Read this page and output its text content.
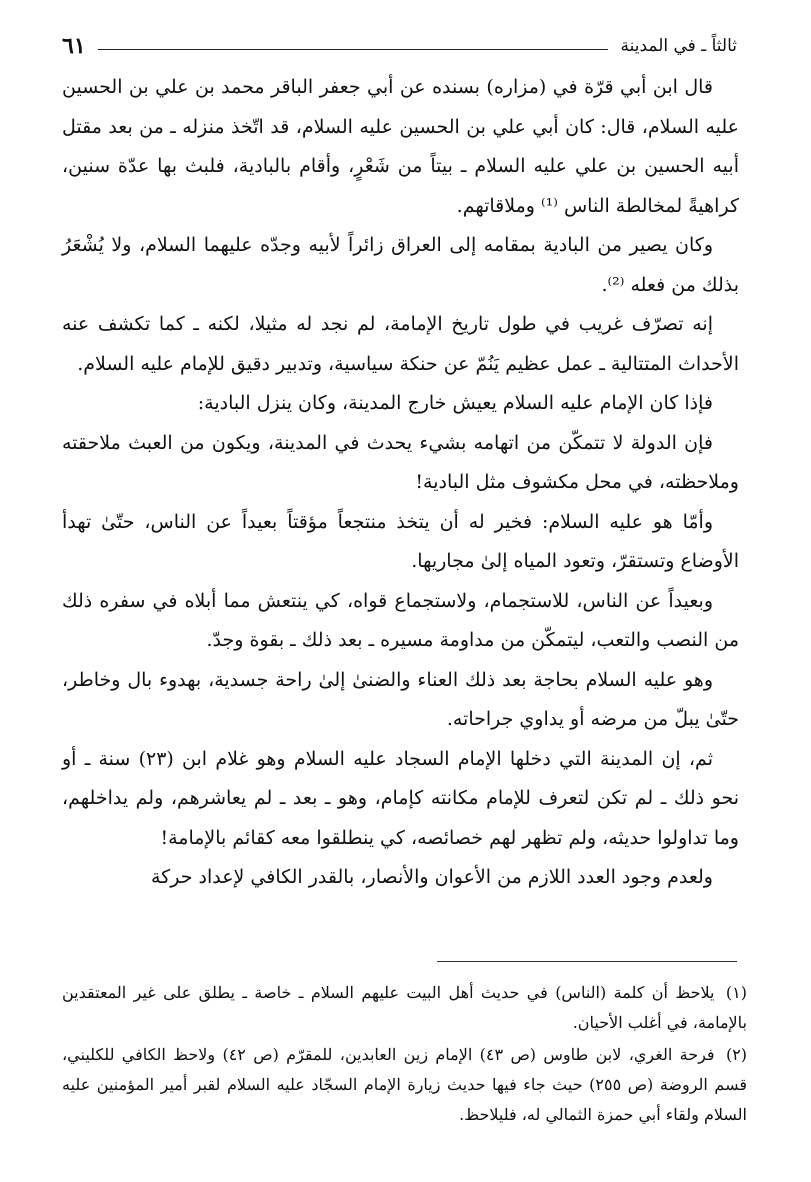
ثالثاً ـ في المدينة
٦١

قال ابن أبي قرّة في (مزاره) بسنده عن أبي جعفر الباقر محمد بن علي بن الحسين عليه السلام، قال: كان أبي علي بن الحسين عليه السلام، قد اتّخذ منزله ـ من بعد مقتل أبيه الحسين بن علي عليه السلام ـ بيتاً من شَعْرٍ، وأقام بالبادية، فلبث بها عدّة سنين، كراهيةً لمخالطة الناس ⁽¹⁾ وملاقاتهم.

وكان يصير من البادية بمقامه إلى العراق زائراً لأبيه وجدّه عليهما السلام، ولا يُشْعَرُ بذلك من فعله ⁽²⁾.

إنه تصرّف غريب في طول تاريخ الإمامة، لم نجد له مثيلا، لكنه ـ كما تكشف عنه الأحداث المتتالية ـ عمل عظيم يَنُمّ عن حنكة سياسية، وتدبير دقيق للإمام عليه السلام.

فإذا كان الإمام عليه السلام يعيش خارج المدينة، وكان ينزل البادية:

فإن الدولة لا تتمكّن من اتهامه بشيء يحدث في المدينة، ويكون من العبث ملاحقته وملاحظته، في محل مكشوف مثل البادية!

وأمّا هو عليه السلام: فخير له أن يتخذ منتجعاً مؤقتاً بعيداً عن الناس، حتّىٰ تهدأ الأوضاع وتستقرّ، وتعود المياه إلىٰ مجاريها.

وبعيداً عن الناس، للاستجمام، ولاستجماع قواه، كي ينتعش مما أبلاه في سفره ذلك من النصب والتعب، ليتمكّن من مداومة مسيره ـ بعد ذلك ـ بقوة وجدّ.

وهو عليه السلام بحاجة بعد ذلك العناء والضنىٰ إلىٰ راحة جسدية، بهدوء بال وخاطر، حتّىٰ يبلّ من مرضه أو يداوي جراحاته.

ثم، إن المدينة التي دخلها الإمام السجاد عليه السلام وهو غلام ابن (٢٣) سنة ـ أو نحو ذلك ـ لم تكن لتعرف للإمام مكانته كإمام، وهو ـ بعد ـ لم يعاشرهم، ولم يداخلهم، وما تداولوا حديثه، ولم تظهر لهم خصائصه، كي ينطلقوا معه كقائم بالإمامة!

ولعدم وجود العدد اللازم من الأعوان والأنصار، بالقدر الكافي لإعداد حركة

(١) يلاحظ أن كلمة (الناس) في حديث أهل البيت عليهم السلام ـ خاصة ـ يطلق على غير المعتقدين بالإمامة، في أغلب الأحيان.

(٢) فرحة الغري، لابن طاوس (ص ٤٣) الإمام زين العابدين، للمقرّم (ص ٤٢) ولاحظ الكافي للكليني، قسم الروضة (ص ٢٥٥) حيث جاء فيها حديث زيارة الإمام السجّاد عليه السلام لقبر أمير المؤمنين عليه السلام ولقاء أبي حمزة الثمالي له، فليلاحظ.
